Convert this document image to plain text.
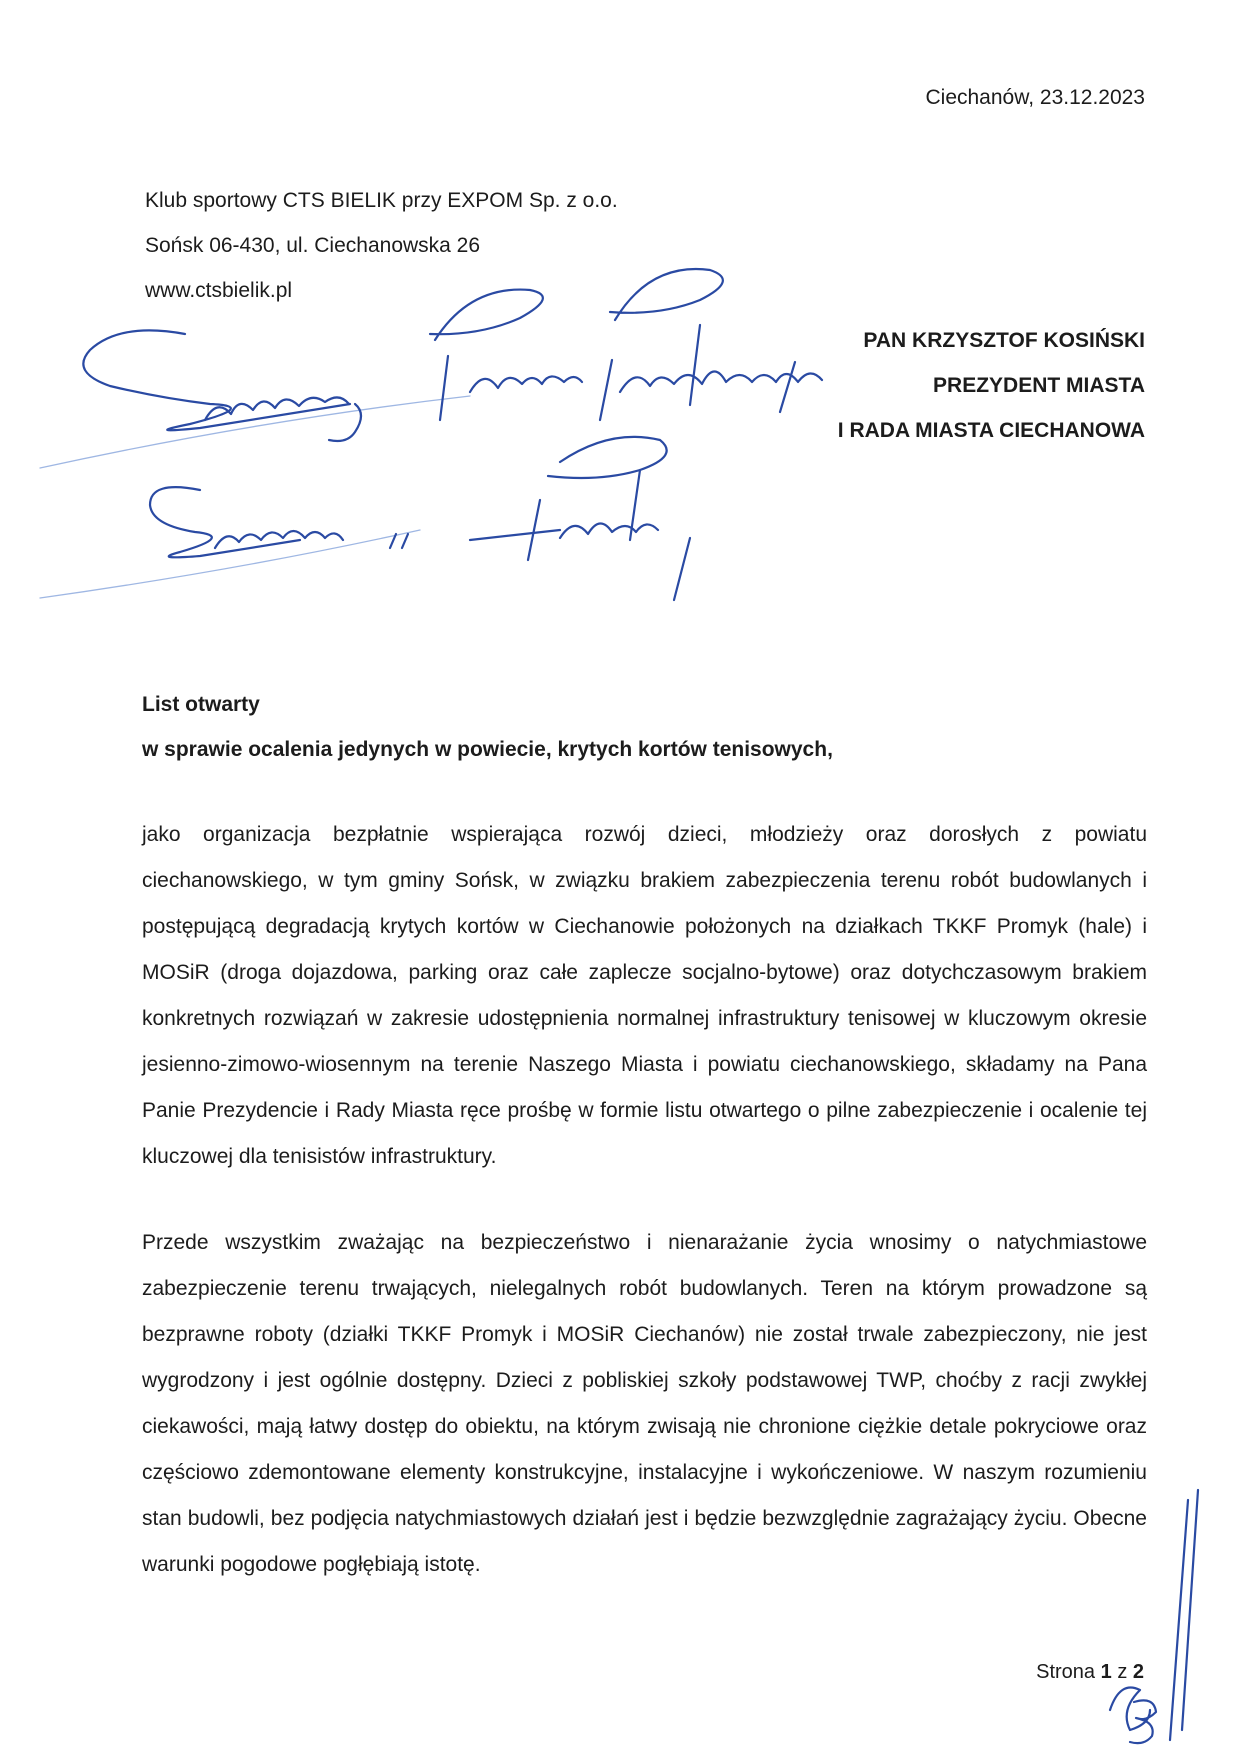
Ciechanów, 23.12.2023
Klub sportowy CTS BIELIK przy EXPOM Sp. z o.o.
Sońsk 06-430, ul. Ciechanowska 26
www.ctsbielik.pl
PAN KRZYSZTOF KOSIŃSKI
PREZYDENT MIASTA
I RADA MIASTA CIECHANOWA
List otwarty
w sprawie ocalenia jedynych w powiecie, krytych kortów tenisowych,

jako organizacja bezpłatnie wspierająca rozwój dzieci, młodzieży oraz dorosłych z powiatu ciechanowskiego, w tym gminy Sońsk, w związku brakiem zabezpieczenia terenu robót budowlanych i postępującą degradacją krytych kortów w Ciechanowie położonych na działkach TKKF Promyk (hale) i MOSiR (droga dojazdowa, parking oraz całe zaplecze socjalno-bytowe) oraz dotychczasowym brakiem konkretnych rozwiązań w zakresie udostępnienia normalnej infrastruktury tenisowej w kluczowym okresie jesienno-zimowo-wiosennym na terenie Naszego Miasta i powiatu ciechanowskiego, składamy na Pana Panie Prezydencie i Rady Miasta ręce prośbę w formie listu otwartego o pilne zabezpieczenie i ocalenie tej kluczowej dla tenisistów infrastruktury.

Przede wszystkim zważając na bezpieczeństwo i nienarażanie życia wnosimy o natychmiastowe zabezpieczenie terenu trwających, nielegalnych robót budowlanych. Teren na którym prowadzone są bezprawne roboty (działki TKKF Promyk i MOSiR Ciechanów) nie został trwale zabezpieczony, nie jest wygrodzony i jest ogólnie dostępny. Dzieci z pobliskiej szkoły podstawowej TWP, choćby z racji zwykłej ciekawości, mają łatwy dostęp do obiektu, na którym zwisają nie chronione ciężkie detale pokryciowe oraz częściowo zdemontowane elementy konstrukcyjne, instalacyjne i wykończeniowe. W naszym rozumieniu stan budowli, bez podjęcia natychmiastowych działań jest i będzie bezwzględnie zagrażający życiu. Obecne warunki pogodowe pogłębiają istotę.

Strona 1 z 2
